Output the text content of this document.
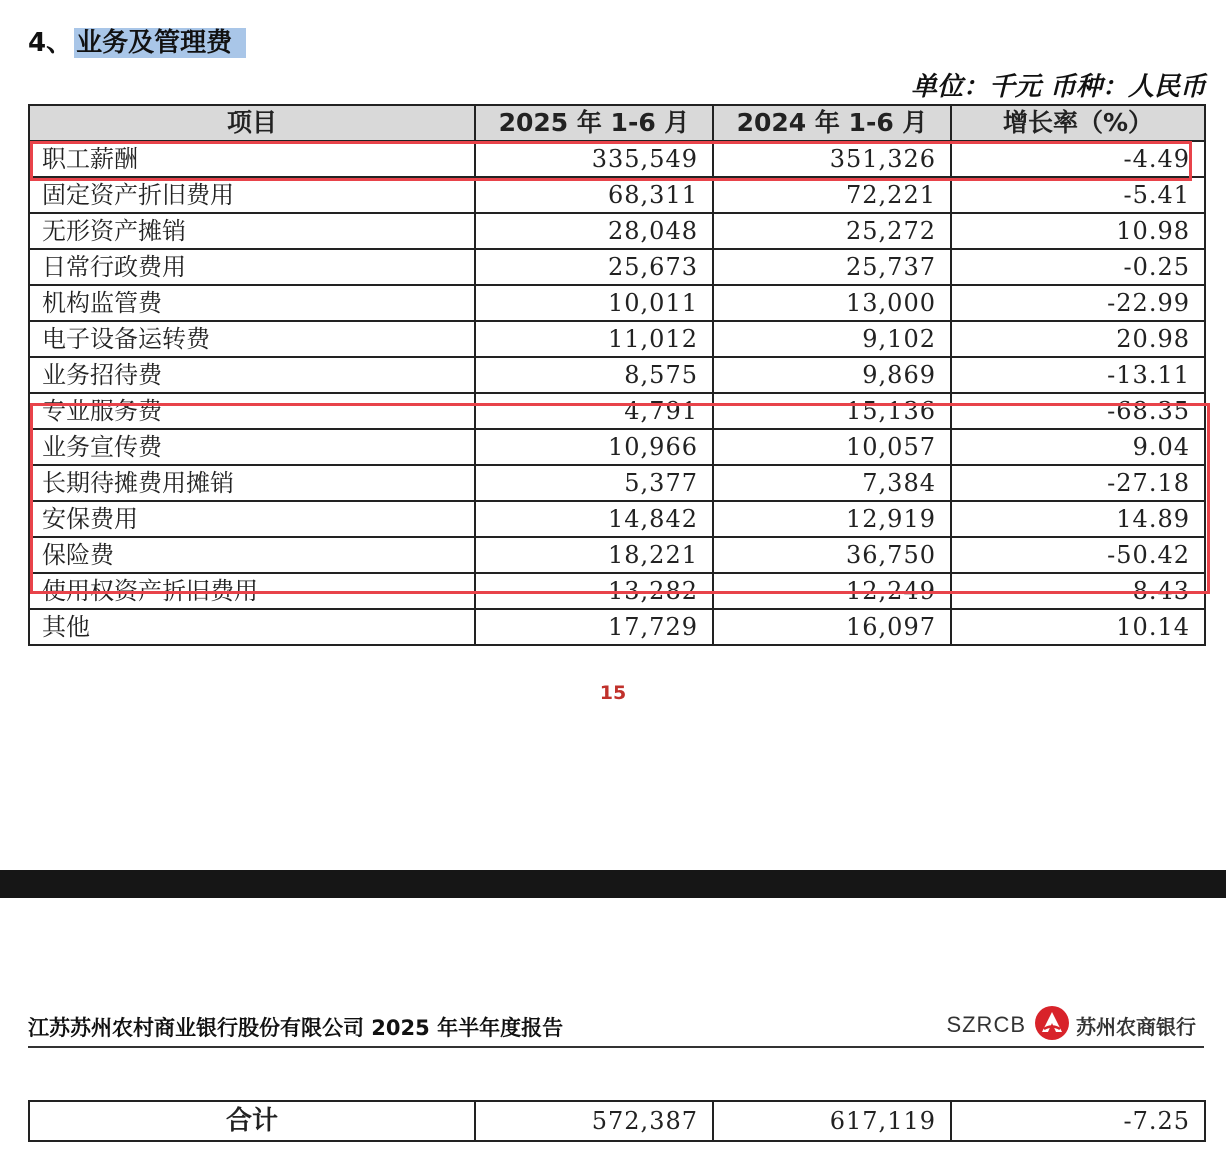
4、 业务及管理费
单位：千元 币种：人民币
项目	2025 年 1-6 月	2024 年 1-6 月	增长率（%）
职工薪酬	335,549	351,326	-4.49
固定资产折旧费用	68,311	72,221	-5.41
无形资产摊销	28,048	25,272	10.98
日常行政费用	25,673	25,737	-0.25
机构监管费	10,011	13,000	-22.99
电子设备运转费	11,012	9,102	20.98
业务招待费	8,575	9,869	-13.11
专业服务费	4,791	15,136	-68.35
业务宣传费	10,966	10,057	9.04
长期待摊费用摊销	5,377	7,384	-27.18
安保费用	14,842	12,919	14.89
保险费	18,221	36,750	-50.42
使用权资产折旧费用	13,282	12,249	8.43
其他	17,729	16,097	10.14
15
江苏苏州农村商业银行股份有限公司 2025 年半年度报告	SZRCB	苏州农商银行
合计	572,387	617,119	-7.25
